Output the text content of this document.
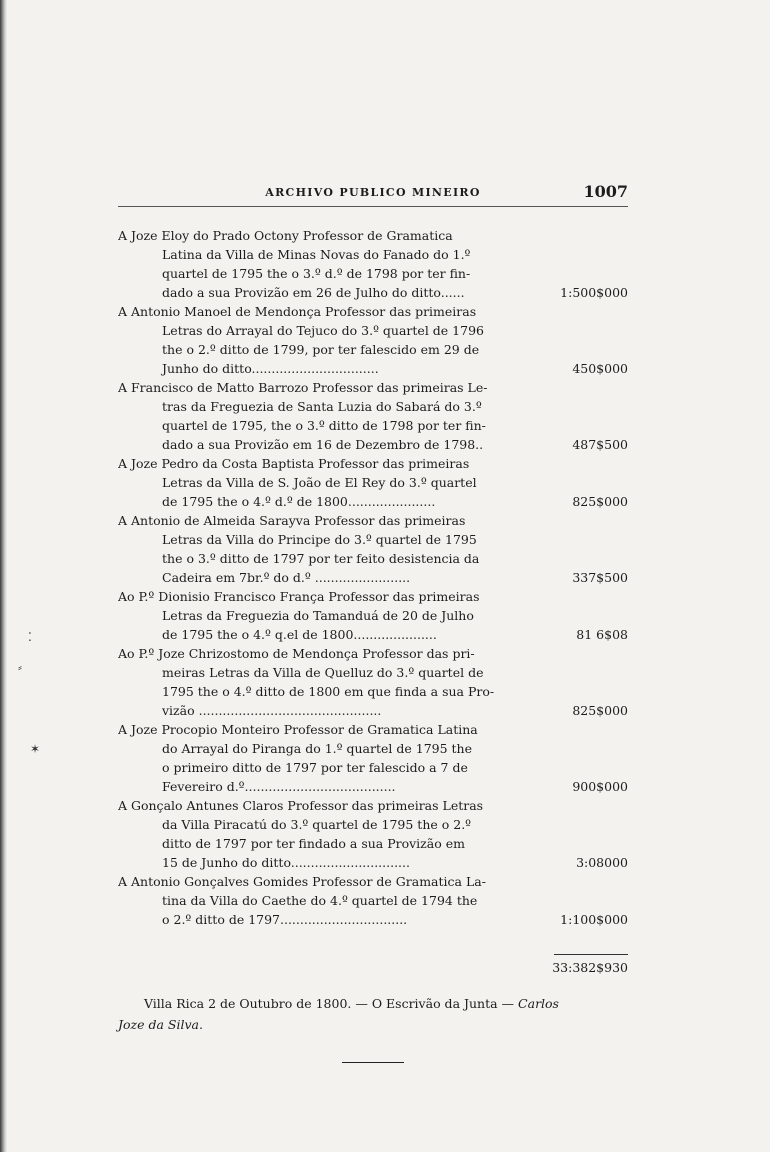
ARCHIVO PUBLICO MINEIRO	1007
A Joze Eloy do Prado Octony Professor de Gramatica
Latina da Villa de Minas Novas do Fanado do 1.º
quartel de 1795 the o 3.º d.º de 1798 por ter fin-
dado a sua Provizão em 26 de Julho do ditto......	1:500$000
A Antonio Manoel de Mendonça Professor das primeiras
Letras do Arrayal do Tejuco do 3.º quartel de 1796
the o 2.º ditto de 1799, por ter falescido em 29 de
Junho do ditto................................	450$000
A Francisco de Matto Barrozo Professor das primeiras Le-
tras da Freguezia de Santa Luzia do Sabará do 3.º
quartel de 1795, the o 3.º ditto de 1798 por ter fin-
dado a sua Provizão em 16 de Dezembro de 1798..	487$500
A Joze Pedro da Costa Baptista Professor das primeiras
Letras da Villa de S. João de El Rey do 3.º quartel
de 1795 the o 4.º d.º de 1800......................	825$000
A Antonio de Almeida Sarayva Professor das primeiras
Letras da Villa do Principe do 3.º quartel de 1795
the o 3.º ditto de 1797 por ter feito desistencia da
Cadeira em 7br.º do d.º ........................	337$500
Ao P.º Dionisio Francisco França Professor das primeiras
Letras da Freguezia do Tamanduá de 20 de Julho
de 1795 the o 4.º q.el de 1800.....................	81 6$08
Ao P.º Joze Chrizostomo de Mendonça Professor das pri-
meiras Letras da Villa de Quelluz do 3.º quartel de
1795 the o 4.º ditto de 1800 em que finda a sua Pro-
vizão ..............................................	825$000
A Joze Procopio Monteiro Professor de Gramatica Latina
do Arrayal do Piranga do 1.º quartel de 1795 the
o primeiro ditto de 1797 por ter falescido a 7 de
Fevereiro d.º......................................	900$000
A Gonçalo Antunes Claros Professor das primeiras Letras
da Villa Piracatú do 3.º quartel de 1795 the o 2.º
ditto de 1797 por ter findado a sua Provizão em
15 de Junho do ditto..............................	3:08000
A Antonio Gonçalves Gomides Professor de Gramatica La-
tina da Villa do Caethe do 4.º quartel de 1794 the
o 2.º ditto de 1797................................	1:100$000
33:382$930
Villa Rica 2 de Outubro de 1800. — O Escrivão da Junta — Carlos
Joze da Silva.
⁚
⸗
✶
